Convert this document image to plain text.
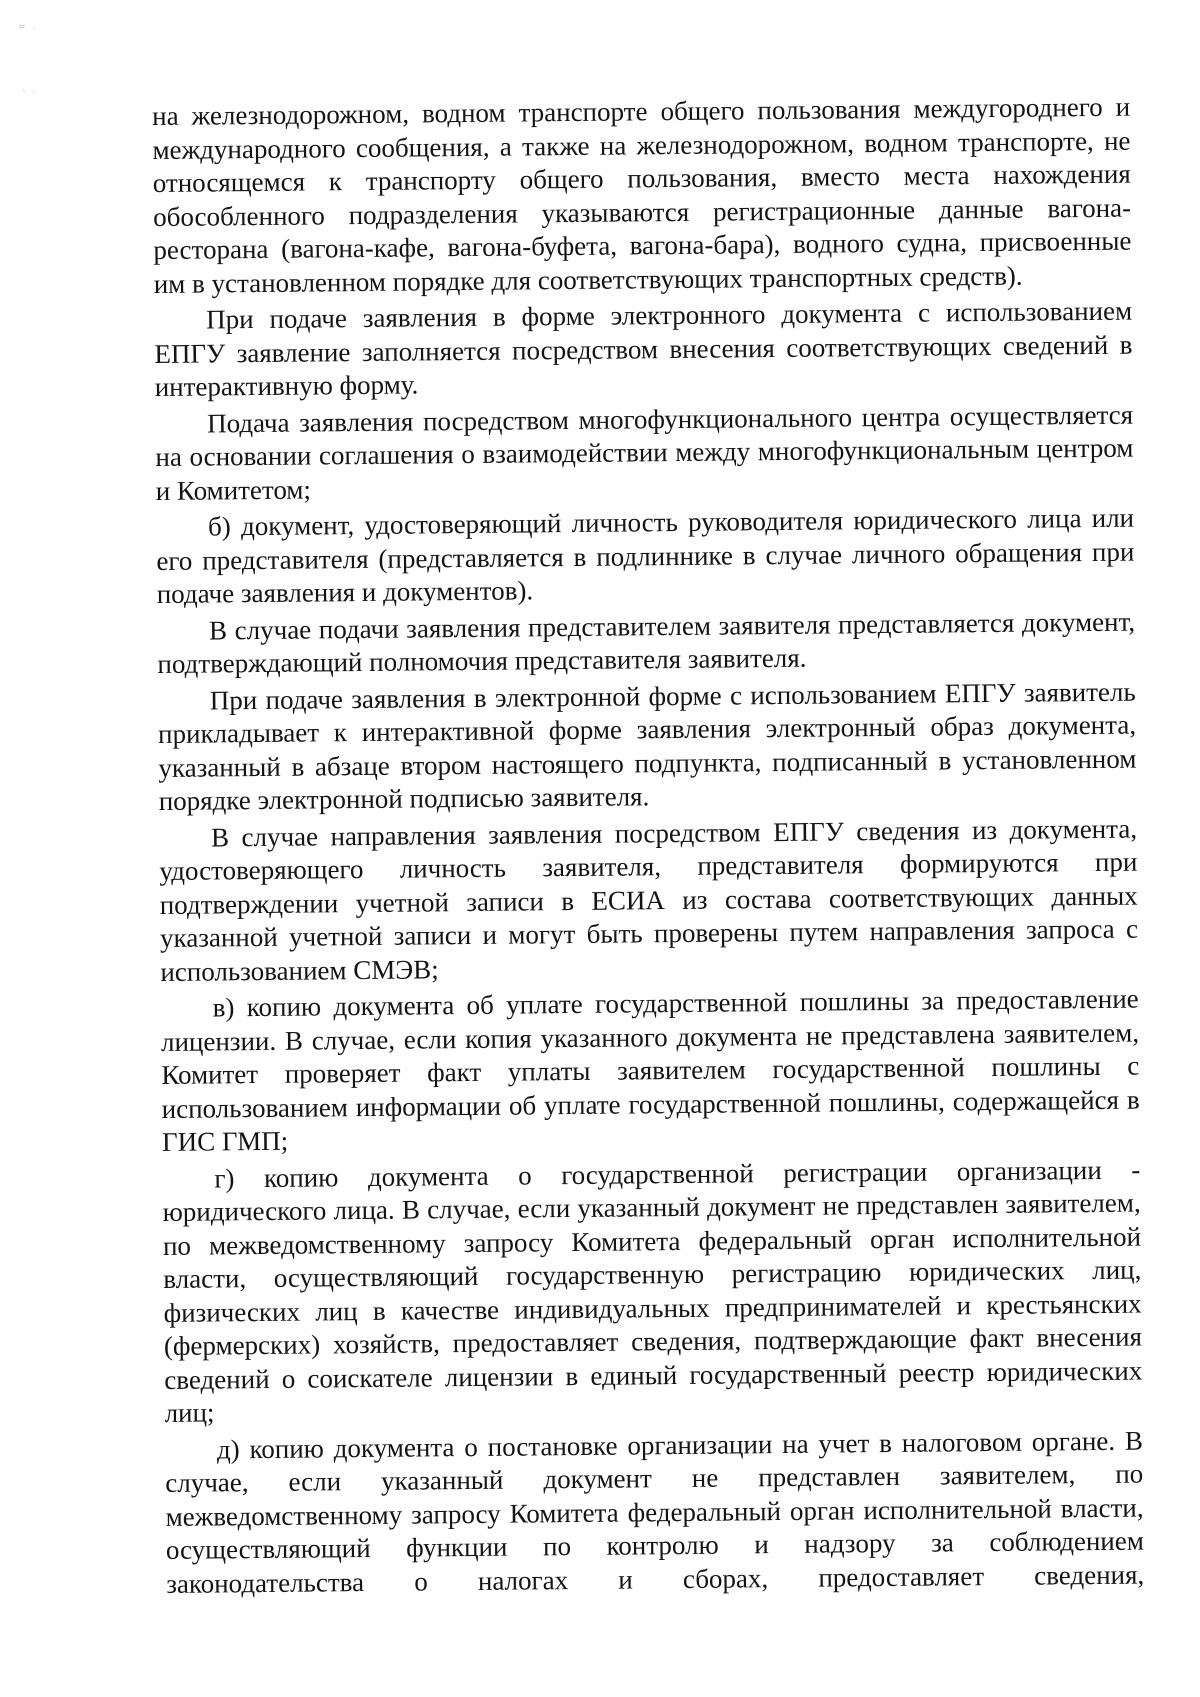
= .
- .

на железнодорожном, водном транспорте общего пользования междугороднего и международного сообщения, а также на железнодорожном, водном транспорте, не относящемся к транспорту общего пользования, вместо места нахождения обособленного подразделения указываются регистрационные данные вагона-ресторана (вагона-кафе, вагона-буфета, вагона-бара), водного судна, присвоенные им в установленном порядке для соответствующих транспортных средств).

При подаче заявления в форме электронного документа с использованием ЕПГУ заявление заполняется посредством внесения соответствующих сведений в интерактивную форму.

Подача заявления посредством многофункционального центра осуществляется на основании соглашения о взаимодействии между многофункциональным центром и Комитетом;

б) документ, удостоверяющий личность руководителя юридического лица или его представителя (представляется в подлиннике в случае личного обращения при подаче заявления и документов).

В случае подачи заявления представителем заявителя представляется документ, подтверждающий полномочия представителя заявителя.

При подаче заявления в электронной форме с использованием ЕПГУ заявитель прикладывает к интерактивной форме заявления электронный образ документа, указанный в абзаце втором настоящего подпункта, подписанный в установленном порядке электронной подписью заявителя.

В случае направления заявления посредством ЕПГУ сведения из документа, удостоверяющего личность заявителя, представителя формируются при подтверждении учетной записи в ЕСИА из состава соответствующих данных указанной учетной записи и могут быть проверены путем направления запроса с использованием СМЭВ;

в) копию документа об уплате государственной пошлины за предоставление лицензии. В случае, если копия указанного документа не представлена заявителем, Комитет проверяет факт уплаты заявителем государственной пошлины с использованием информации об уплате государственной пошлины, содержащейся в ГИС ГМП;

г) копию документа о государственной регистрации организации - юридического лица. В случае, если указанный документ не представлен заявителем, по межведомственному запросу Комитета федеральный орган исполнительной власти, осуществляющий государственную регистрацию юридических лиц, физических лиц в качестве индивидуальных предпринимателей и крестьянских (фермерских) хозяйств, предоставляет сведения, подтверждающие факт внесения сведений о соискателе лицензии в единый государственный реестр юридических лиц;

д) копию документа о постановке организации на учет в налоговом органе. В случае, если указанный документ не представлен заявителем, по межведомственному запросу Комитета федеральный орган исполнительной власти, осуществляющий функции по контролю и надзору за соблюдением законодательства о налогах и сборах, предоставляет сведения,
